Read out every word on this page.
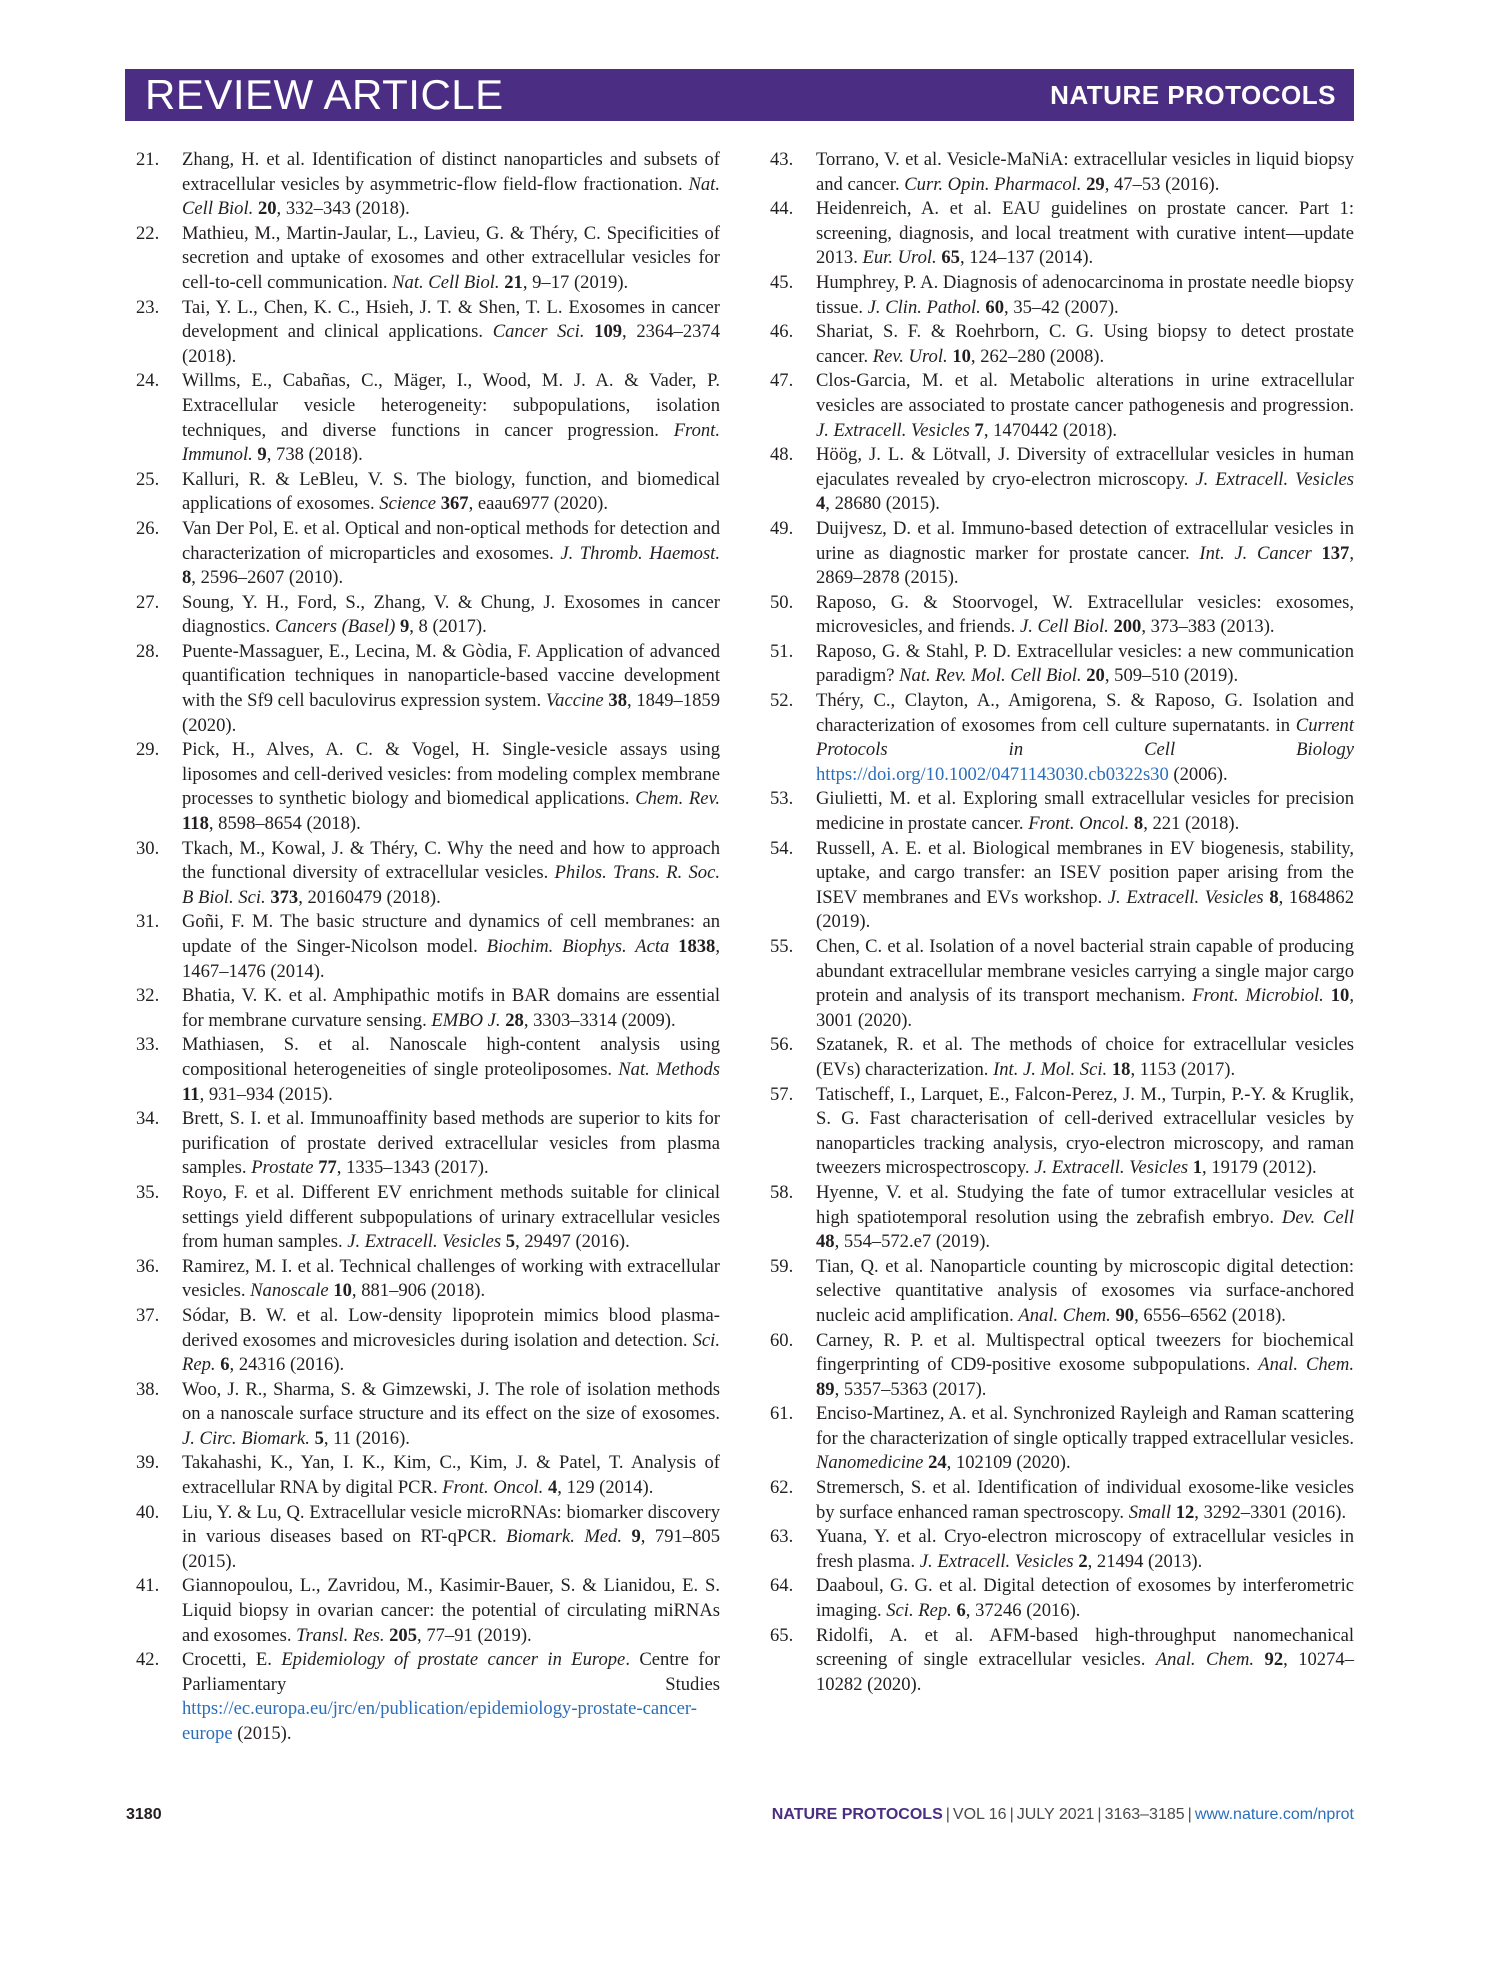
REVIEW ARTICLE	NATURE PROTOCOLS
21. Zhang, H. et al. Identification of distinct nanoparticles and subsets of extracellular vesicles by asymmetric-flow field-flow fractionation. Nat. Cell Biol. 20, 332–343 (2018).
22. Mathieu, M., Martin-Jaular, L., Lavieu, G. & Théry, C. Specificities of secretion and uptake of exosomes and other extracellular vesicles for cell-to-cell communication. Nat. Cell Biol. 21, 9–17 (2019).
23. Tai, Y. L., Chen, K. C., Hsieh, J. T. & Shen, T. L. Exosomes in cancer development and clinical applications. Cancer Sci. 109, 2364–2374 (2018).
24. Willms, E., Cabañas, C., Mäger, I., Wood, M. J. A. & Vader, P. Extracellular vesicle heterogeneity: subpopulations, isolation techniques, and diverse functions in cancer progression. Front. Immunol. 9, 738 (2018).
25. Kalluri, R. & LeBleu, V. S. The biology, function, and biomedical applications of exosomes. Science 367, eaau6977 (2020).
26. Van Der Pol, E. et al. Optical and non-optical methods for detection and characterization of microparticles and exosomes. J. Thromb. Haemost. 8, 2596–2607 (2010).
27. Soung, Y. H., Ford, S., Zhang, V. & Chung, J. Exosomes in cancer diagnostics. Cancers (Basel) 9, 8 (2017).
28. Puente-Massaguer, E., Lecina, M. & Gòdia, F. Application of advanced quantification techniques in nanoparticle-based vaccine development with the Sf9 cell baculovirus expression system. Vaccine 38, 1849–1859 (2020).
29. Pick, H., Alves, A. C. & Vogel, H. Single-vesicle assays using liposomes and cell-derived vesicles: from modeling complex membrane processes to synthetic biology and biomedical applications. Chem. Rev. 118, 8598–8654 (2018).
30. Tkach, M., Kowal, J. & Théry, C. Why the need and how to approach the functional diversity of extracellular vesicles. Philos. Trans. R. Soc. B Biol. Sci. 373, 20160479 (2018).
31. Goñi, F. M. The basic structure and dynamics of cell membranes: an update of the Singer-Nicolson model. Biochim. Biophys. Acta 1838, 1467–1476 (2014).
32. Bhatia, V. K. et al. Amphipathic motifs in BAR domains are essential for membrane curvature sensing. EMBO J. 28, 3303–3314 (2009).
33. Mathiasen, S. et al. Nanoscale high-content analysis using compositional heterogeneities of single proteoliposomes. Nat. Methods 11, 931–934 (2015).
34. Brett, S. I. et al. Immunoaffinity based methods are superior to kits for purification of prostate derived extracellular vesicles from plasma samples. Prostate 77, 1335–1343 (2017).
35. Royo, F. et al. Different EV enrichment methods suitable for clinical settings yield different subpopulations of urinary extracellular vesicles from human samples. J. Extracell. Vesicles 5, 29497 (2016).
36. Ramirez, M. I. et al. Technical challenges of working with extracellular vesicles. Nanoscale 10, 881–906 (2018).
37. Sódar, B. W. et al. Low-density lipoprotein mimics blood plasma-derived exosomes and microvesicles during isolation and detection. Sci. Rep. 6, 24316 (2016).
38. Woo, J. R., Sharma, S. & Gimzewski, J. The role of isolation methods on a nanoscale surface structure and its effect on the size of exosomes. J. Circ. Biomark. 5, 11 (2016).
39. Takahashi, K., Yan, I. K., Kim, C., Kim, J. & Patel, T. Analysis of extracellular RNA by digital PCR. Front. Oncol. 4, 129 (2014).
40. Liu, Y. & Lu, Q. Extracellular vesicle microRNAs: biomarker discovery in various diseases based on RT-qPCR. Biomark. Med. 9, 791–805 (2015).
41. Giannopoulou, L., Zavridou, M., Kasimir-Bauer, S. & Lianidou, E. S. Liquid biopsy in ovarian cancer: the potential of circulating miRNAs and exosomes. Transl. Res. 205, 77–91 (2019).
42. Crocetti, E. Epidemiology of prostate cancer in Europe. Centre for Parliamentary Studies https://ec.europa.eu/jrc/en/publication/epidemiology-prostate-cancer-europe (2015).
43. Torrano, V. et al. Vesicle-MaNiA: extracellular vesicles in liquid biopsy and cancer. Curr. Opin. Pharmacol. 29, 47–53 (2016).
44. Heidenreich, A. et al. EAU guidelines on prostate cancer. Part 1: screening, diagnosis, and local treatment with curative intent—update 2013. Eur. Urol. 65, 124–137 (2014).
45. Humphrey, P. A. Diagnosis of adenocarcinoma in prostate needle biopsy tissue. J. Clin. Pathol. 60, 35–42 (2007).
46. Shariat, S. F. & Roehrborn, C. G. Using biopsy to detect prostate cancer. Rev. Urol. 10, 262–280 (2008).
47. Clos-Garcia, M. et al. Metabolic alterations in urine extracellular vesicles are associated to prostate cancer pathogenesis and progression. J. Extracell. Vesicles 7, 1470442 (2018).
48. Höög, J. L. & Lötvall, J. Diversity of extracellular vesicles in human ejaculates revealed by cryo-electron microscopy. J. Extracell. Vesicles 4, 28680 (2015).
49. Duijvesz, D. et al. Immuno-based detection of extracellular vesicles in urine as diagnostic marker for prostate cancer. Int. J. Cancer 137, 2869–2878 (2015).
50. Raposo, G. & Stoorvogel, W. Extracellular vesicles: exosomes, microvesicles, and friends. J. Cell Biol. 200, 373–383 (2013).
51. Raposo, G. & Stahl, P. D. Extracellular vesicles: a new communication paradigm? Nat. Rev. Mol. Cell Biol. 20, 509–510 (2019).
52. Théry, C., Clayton, A., Amigorena, S. & Raposo, G. Isolation and characterization of exosomes from cell culture supernatants. in Current Protocols in Cell Biology https://doi.org/10.1002/0471143030.cb0322s30 (2006).
53. Giulietti, M. et al. Exploring small extracellular vesicles for precision medicine in prostate cancer. Front. Oncol. 8, 221 (2018).
54. Russell, A. E. et al. Biological membranes in EV biogenesis, stability, uptake, and cargo transfer: an ISEV position paper arising from the ISEV membranes and EVs workshop. J. Extracell. Vesicles 8, 1684862 (2019).
55. Chen, C. et al. Isolation of a novel bacterial strain capable of producing abundant extracellular membrane vesicles carrying a single major cargo protein and analysis of its transport mechanism. Front. Microbiol. 10, 3001 (2020).
56. Szatanek, R. et al. The methods of choice for extracellular vesicles (EVs) characterization. Int. J. Mol. Sci. 18, 1153 (2017).
57. Tatischeff, I., Larquet, E., Falcon-Perez, J. M., Turpin, P.-Y. & Kruglik, S. G. Fast characterisation of cell-derived extracellular vesicles by nanoparticles tracking analysis, cryo-electron microscopy, and raman tweezers microspectroscopy. J. Extracell. Vesicles 1, 19179 (2012).
58. Hyenne, V. et al. Studying the fate of tumor extracellular vesicles at high spatiotemporal resolution using the zebrafish embryo. Dev. Cell 48, 554–572.e7 (2019).
59. Tian, Q. et al. Nanoparticle counting by microscopic digital detection: selective quantitative analysis of exosomes via surface-anchored nucleic acid amplification. Anal. Chem. 90, 6556–6562 (2018).
60. Carney, R. P. et al. Multispectral optical tweezers for biochemical fingerprinting of CD9-positive exosome subpopulations. Anal. Chem. 89, 5357–5363 (2017).
61. Enciso-Martinez, A. et al. Synchronized Rayleigh and Raman scattering for the characterization of single optically trapped extracellular vesicles. Nanomedicine 24, 102109 (2020).
62. Stremersch, S. et al. Identification of individual exosome-like vesicles by surface enhanced raman spectroscopy. Small 12, 3292–3301 (2016).
63. Yuana, Y. et al. Cryo-electron microscopy of extracellular vesicles in fresh plasma. J. Extracell. Vesicles 2, 21494 (2013).
64. Daaboul, G. G. et al. Digital detection of exosomes by interferometric imaging. Sci. Rep. 6, 37246 (2016).
65. Ridolfi, A. et al. AFM-based high-throughput nanomechanical screening of single extracellular vesicles. Anal. Chem. 92, 10274–10282 (2020).
3180	NATURE PROTOCOLS | VOL 16 | JULY 2021 | 3163–3185 | www.nature.com/nprot
